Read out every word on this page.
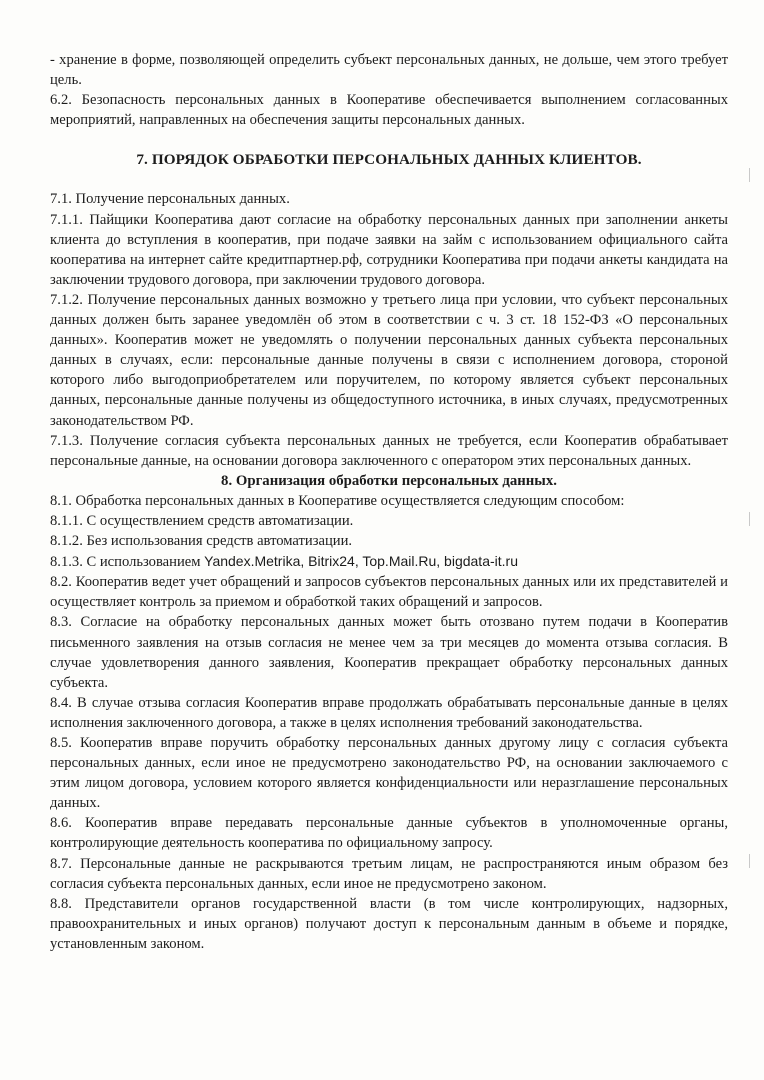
- хранение в форме, позволяющей определить субъект персональных данных, не дольше, чем этого требует цель.

6.2. Безопасность персональных данных в Кооперативе обеспечивается выполнением согласованных мероприятий, направленных на обеспечения защиты персональных данных.

7. ПОРЯДОК ОБРАБОТКИ ПЕРСОНАЛЬНЫХ ДАННЫХ КЛИЕНТОВ.

7.1. Получение персональных данных.

7.1.1. Пайщики Кооператива дают согласие на обработку персональных данных при заполнении анкеты клиента до вступления в кооператив, при подаче заявки на займ с использованием официального сайта кооператива на интернет сайте кредитпартнер.рф, сотрудники Кооператива при подачи анкеты кандидата на заключении трудового договора, при заключении трудового договора.

7.1.2. Получение персональных данных возможно у третьего лица при условии, что субъект персональных данных должен быть заранее уведомлён об этом в соответствии с ч. 3 ст. 18 152-ФЗ «О персональных данных». Кооператив может не уведомлять о получении персональных данных субъекта персональных данных в случаях, если: персональные данные получены в связи с исполнением договора, стороной которого либо выгодоприобретателем или поручителем, по которому является субъект персональных данных, персональные данные получены из общедоступного источника, в иных случаях, предусмотренных законодательством РФ.

7.1.3. Получение согласия субъекта персональных данных не требуется, если Кооператив обрабатывает персональные данные, на основании договора заключенного с оператором этих персональных данных.

8. Организация обработки персональных данных.

8.1. Обработка персональных данных в Кооперативе осуществляется следующим способом:

8.1.1. С осуществлением средств автоматизации.

8.1.2. Без использования средств автоматизации.

8.1.3. С использованием Yandex.Metrika, Bitrix24, Top.Mail.Ru, bigdata-it.ru

8.2. Кооператив ведет учет обращений и запросов субъектов персональных данных или их представителей и осуществляет контроль за приемом и обработкой таких обращений и запросов.

8.3. Согласие на обработку персональных данных может быть отозвано путем подачи в Кооператив письменного заявления на отзыв согласия не менее чем за три месяцев до момента отзыва согласия. В случае удовлетворения данного заявления, Кооператив прекращает обработку персональных данных субъекта.

8.4. В случае отзыва согласия Кооператив вправе продолжать обрабатывать персональные данные в целях исполнения заключенного договора, а также в целях исполнения требований законодательства.

8.5. Кооператив вправе поручить обработку персональных данных другому лицу с согласия субъекта персональных данных, если иное не предусмотрено законодательство РФ, на основании заключаемого с этим лицом договора, условием которого является конфиденциальности или неразглашение персональных данных.

8.6. Кооператив вправе передавать персональные данные субъектов в уполномоченные органы, контролирующие деятельность кооператива по официальному запросу.

8.7. Персональные данные не раскрываются третьим лицам, не распространяются иным образом без согласия субъекта персональных данных, если иное не предусмотрено законом.

8.8. Представители органов государственной власти (в том числе контролирующих, надзорных, правоохранительных и иных органов) получают доступ к персональным данным в объеме и порядке, установленным законом.
